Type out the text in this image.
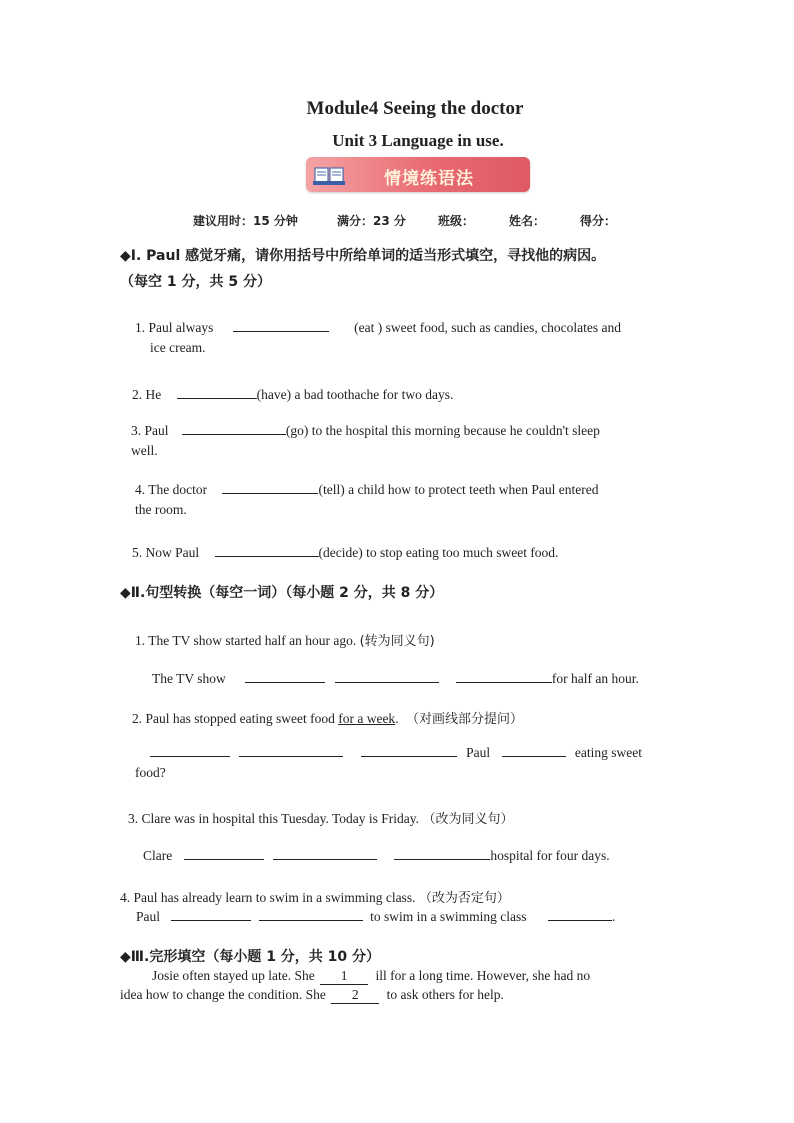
Module4 Seeing the doctor
Unit 3 Language in use.
情境练语法
建议用时：15 分钟	满分：23 分	班级：	姓名：	得分：
◆I. Paul 感觉牙痛，请你用括号中所给单词的适当形式填空，寻找他的病因。
（每空 1 分，共 5 分）
1. Paul always	(eat ) sweet food, such as candies, chocolates and
ice cream.
2. He	(have) a bad toothache for two days.
3. Paul	(go) to the hospital this morning because he couldn't sleep
well.
4. The doctor	(tell) a child how to protect teeth when Paul entered
the room.
5. Now Paul	(decide) to stop eating too much sweet food.
◆Ⅱ.句型转换（每空一词）（每小题 2 分，共 8 分）
1. The TV show started half an hour ago. (转为同义句)
The TV show	for half an hour.
2. Paul has stopped eating sweet food for a week. （对画线部分提问）
Paul	eating sweet
food?
3. Clare was in hospital this Tuesday. Today is Friday. （改为同义句）
Clare	hospital for four days.
4. Paul has already learn to swim in a swimming class. （改为否定句）
Paul	to swim in a swimming class	.
◆Ⅲ.完形填空（每小题 1 分，共 10 分）
Josie often stayed up late. She 1 ill for a long time. However, she had no
idea how to change the condition. She 2 to ask others for help.
